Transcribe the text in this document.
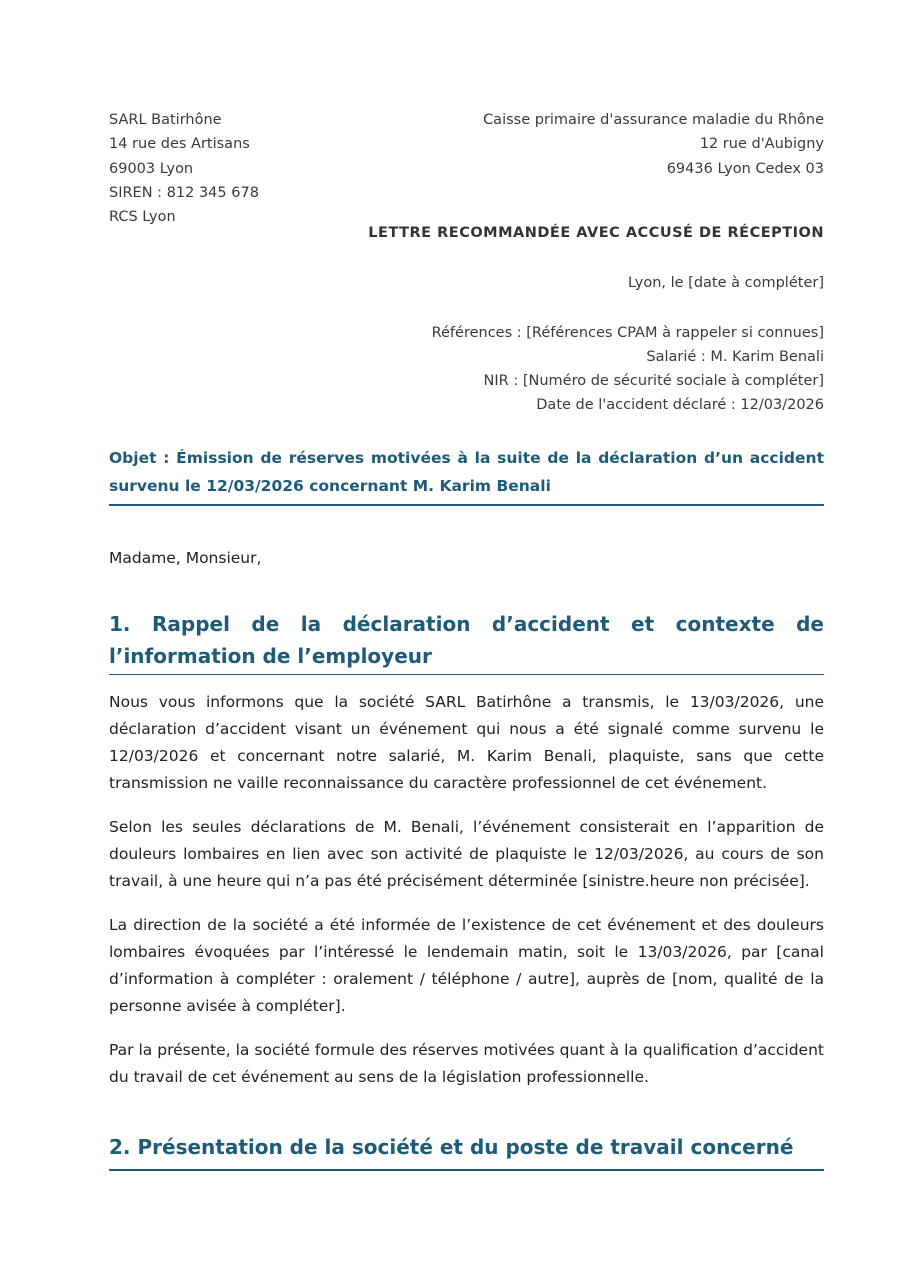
SARL Batirhône
14 rue des Artisans
69003 Lyon
SIREN : 812 345 678
RCS Lyon
Caisse primaire d'assurance maladie du Rhône
12 rue d'Aubigny
69436 Lyon Cedex 03
LETTRE RECOMMANDÉE AVEC ACCUSÉ DE RÉCEPTION
Lyon, le [date à compléter]
Références : [Références CPAM à rappeler si connues]
Salarié : M. Karim Benali
NIR : [Numéro de sécurité sociale à compléter]
Date de l'accident déclaré : 12/03/2026
Objet : Émission de réserves motivées à la suite de la déclaration d’un accident survenu le 12/03/2026 concernant M. Karim Benali
Madame, Monsieur,
1. Rappel de la déclaration d’accident et contexte de l’information de l’employeur

Nous vous informons que la société SARL Batirhône a transmis, le 13/03/2026, une déclaration d’accident visant un événement qui nous a été signalé comme survenu le 12/03/2026 et concernant notre salarié, M. Karim Benali, plaquiste, sans que cette transmission ne vaille reconnaissance du caractère professionnel de cet événement.

Selon les seules déclarations de M. Benali, l’événement consisterait en l’apparition de douleurs lombaires en lien avec son activité de plaquiste le 12/03/2026, au cours de son travail, à une heure qui n’a pas été précisément déterminée [sinistre.heure non précisée].

La direction de la société a été informée de l’existence de cet événement et des douleurs lombaires évoquées par l’intéressé le lendemain matin, soit le 13/03/2026, par [canal d’information à compléter : oralement / téléphone / autre], auprès de [nom, qualité de la personne avisée à compléter].

Par la présente, la société formule des réserves motivées quant à la qualification d’accident du travail de cet événement au sens de la législation professionnelle.

2. Présentation de la société et du poste de travail concerné
